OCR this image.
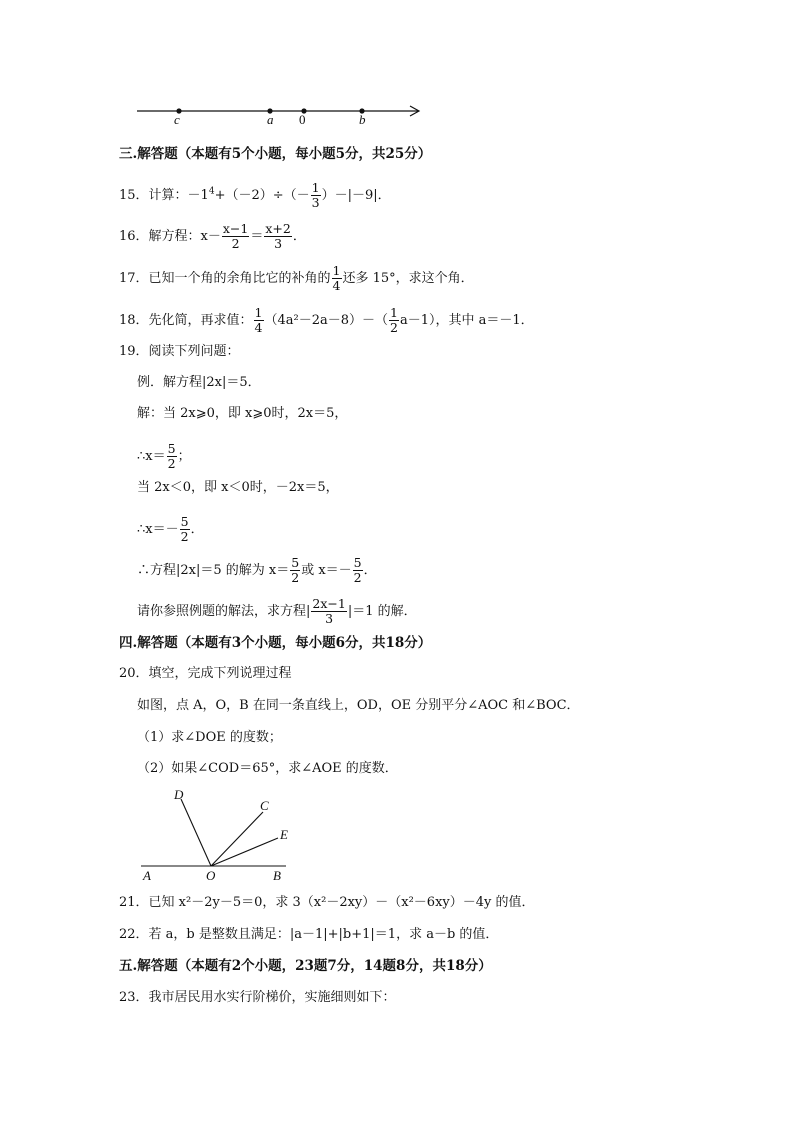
c	a 0	b
三.解答题（本题有5个小题，每小题5分，共25分）
15．计算：$-1^4+(-2)\div(- \frac{1}{3} )-|-9|$．
16．解方程：$x- \frac{x-1}{2} = \frac{x+2}{3}$ ．
17．已知一个角的余角比它的补角的 $\frac{1}{4}$ 还多 15°，求这个角．
18．先化简，再求值： $\frac{1}{4} (4a^2-2a-8)-( \frac{1}{2} a-1)$，其中 a＝－1．
19．阅读下列问题：
例．解方程|2x|＝5．
解：当 2x⩾0，即 x⩾0时，2x＝5，
∴x＝ $\frac{5}{2}$ ；
当 2x＜0，即 x＜0时，－2x＝5，
∴x＝－ $\frac{5}{2}$ ．
∴方程|2x|＝5 的解为 $x= \frac{5}{2}$ 或 $x=- \frac{5}{2}$ ．
请你参照例题的解法，求方程| $\frac{2x-1}{3} |=1$ 的解．
四.解答题（本题有3个小题，每小题6分，共18分）
20．填空，完成下列说理过程
如图，点 A，O，B 在同一条直线上，OD，OE 分别平分∠AOC 和∠BOC．
（1）求∠DOE 的度数；
（2）如果∠COD＝65°，求∠AOE 的度数．
D
C
E
A	O	B
21．已知 x²－2y－5＝0，求 3（x²－2xy）－（x²－6xy）－4y 的值．
22．若 a，b 是整数且满足：|a－1|+|b+1|＝1，求 a－b 的值．
五.解答题（本题有2个小题，23题7分，14题8分，共18分）
23．我市居民用水实行阶梯价，实施细则如下：
